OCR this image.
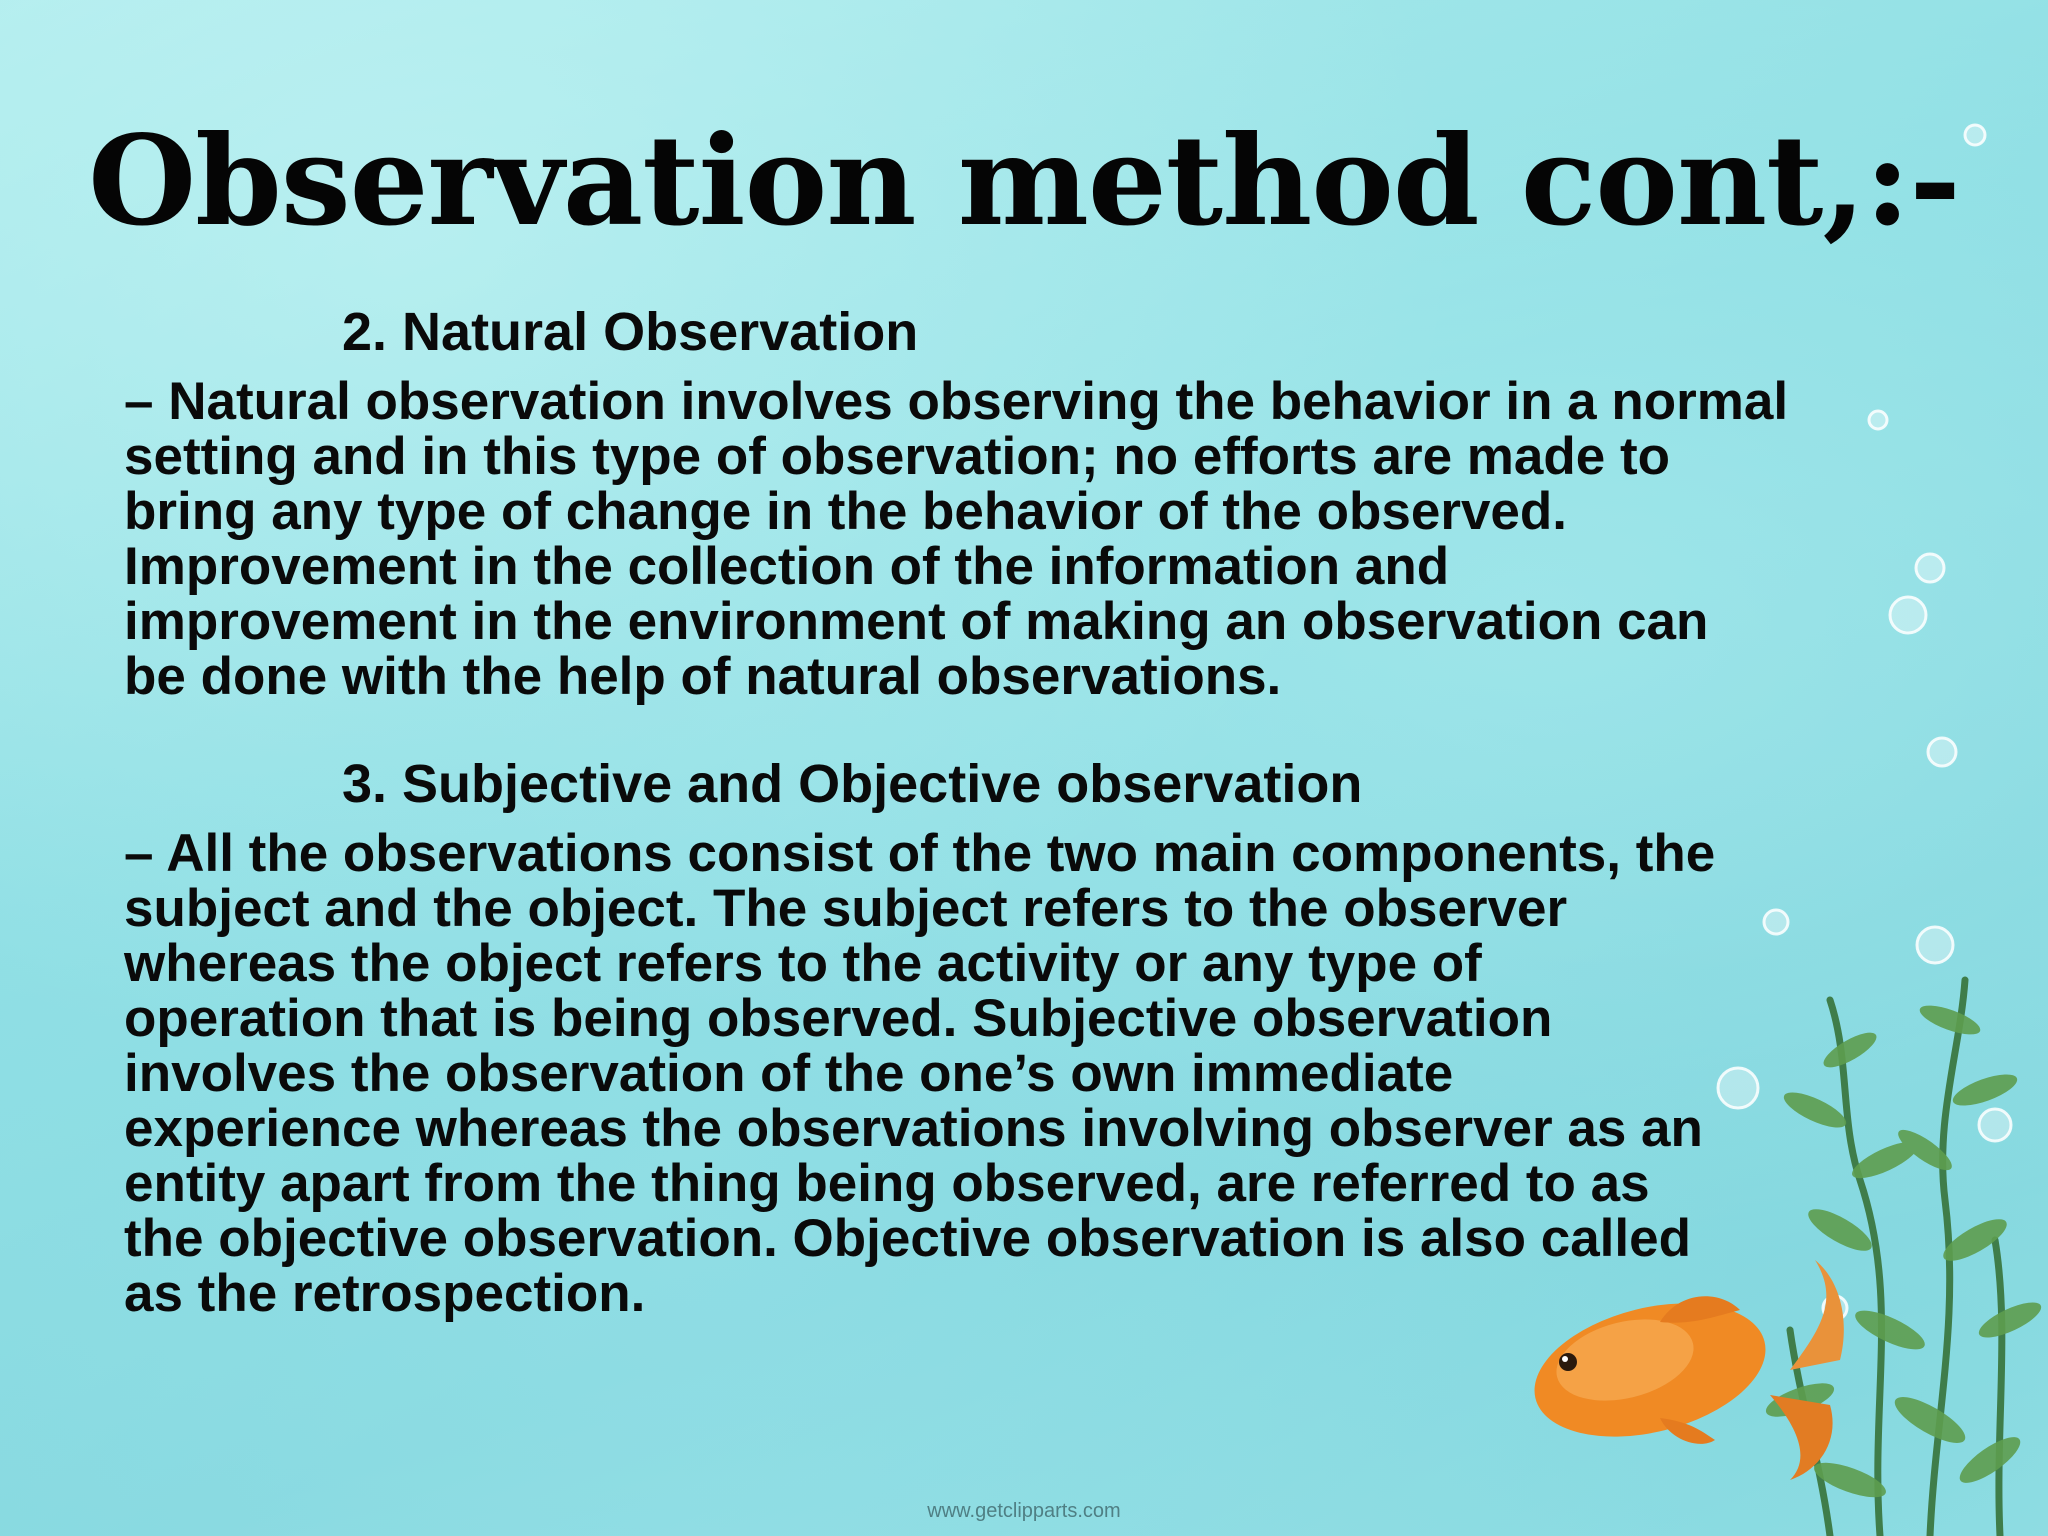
Observation method cont,:-
2. Natural Observation
– Natural observation involves observing the behavior in a normal
setting and in this type of observation; no efforts are made to
bring any type of change in the behavior of the observed.
Improvement in the collection of the information and
improvement in the environment of making an observation can
be done with the help of natural observations.
3. Subjective and Objective observation
– All the observations consist of the two main components, the
subject and the object. The subject refers to the observer
whereas the object refers to the activity or any type of
operation that is being observed. Subjective observation
involves the observation of the one’s own immediate
experience whereas the observations involving observer as an
entity apart from the thing being observed, are referred to as
the objective observation. Objective observation is also called
as the retrospection.
www.getclipparts.com
